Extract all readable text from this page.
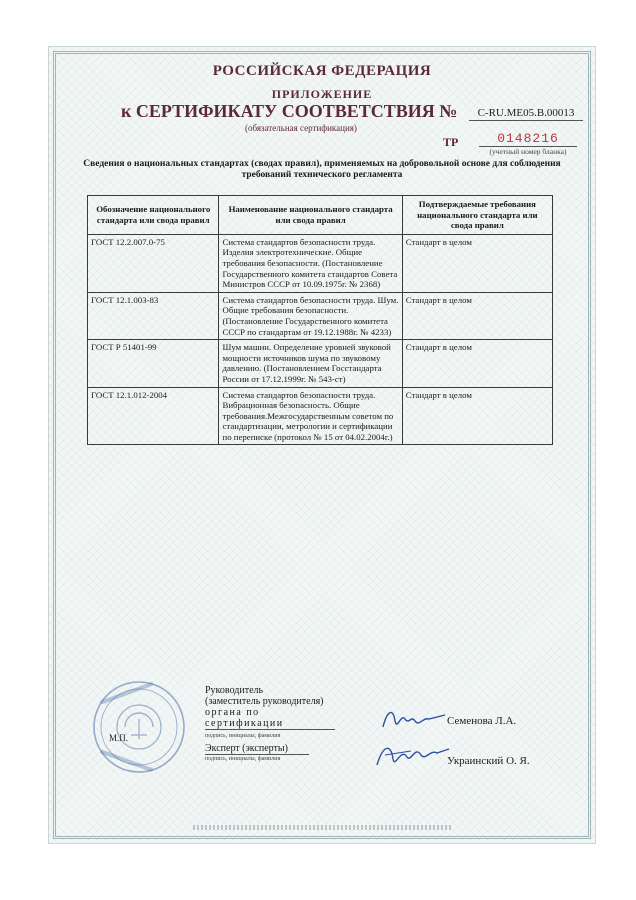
РОССИЙСКАЯ ФЕДЕРАЦИЯ
ПРИЛОЖЕНИЕ
к СЕРТИФИКАТУ СООТВЕТСТВИЯ №	C-RU.ME05.B.00013
(обязательная сертификация)
ТР	0148216
(учетный номер бланка)
Сведения о национальных стандартах (сводах правил), применяемых на добровольной основе для соблюдения требований технического регламента
Обозначение национального стандарта или свода правил	Наименование национального стандарта или свода правил	Подтверждаемые требования национального стандарта или свода правил
ГОСТ 12.2.007.0-75	Система стандартов безопасности труда. Изделия электротехнические. Общие требования безопасности. (Постановление Государственного комитета стандартов Совета Министров СССР от 10.09.1975г. № 2368)	Стандарт в целом
ГОСТ 12.1.003-83	Система стандартов безопасности труда. Шум. Общие требования безопасности. (Постановление Государственного комитета СССР по стандартам от 19.12.1988г. № 4233)	Стандарт в целом
ГОСТ Р 51401-99	Шум машин. Определение уровней звуковой мощности источников шума по звуковому давлению. (Постановлением Госстандарта России от 17.12.1999г. № 543-ст)	Стандарт в целом
ГОСТ 12.1.012-2004	Система стандартов безопасности труда. Вибрационная безопасность. Общие требования.Межгосударственным советом по стандартизации, метрологии и сертификации по переписке (протокол № 15 от 04.02.2004г.)	Стандарт в целом
М.П.
Руководитель
(заместитель руководителя)
органа по сертификации
подпись, инициалы, фамилия
Семенова Л.А.
Эксперт (эксперты)
подпись, инициалы, фамилия	Украинский О. Я.
